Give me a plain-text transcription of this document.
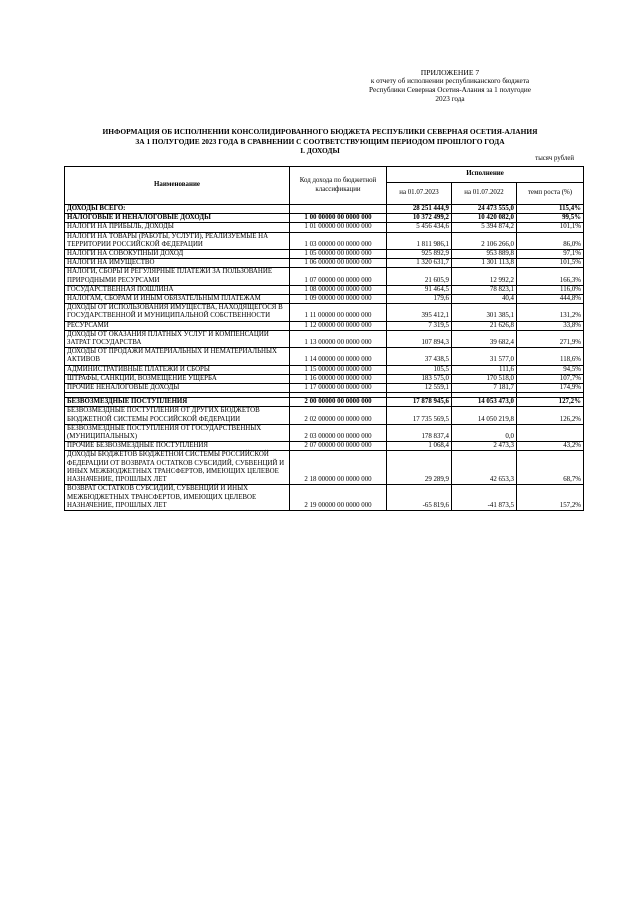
ПРИЛОЖЕНИЕ 7
к отчету об исполнении республиканского бюджета
Республики Северная Осетия-Алания за 1 полугодие
2023 года
ИНФОРМАЦИЯ ОБ ИСПОЛНЕНИИ КОНСОЛИДИРОВАННОГО БЮДЖЕТА РЕСПУБЛИКИ СЕВЕРНАЯ ОСЕТИЯ-АЛАНИЯ
ЗА 1 ПОЛУГОДИЕ 2023 ГОДА В СРАВНЕНИИ С СООТВЕТСТВУЮЩИМ ПЕРИОДОМ ПРОШЛОГО ГОДА
I. ДОХОДЫ
тысяч рублей
Наименование	Код дохода по бюджетной классификации	Исполнение		
		на 01.07.2023	на 01.07.2022	темп роста (%)
ДОХОДЫ ВСЕГО:		28 251 444,9	24 473 555,0	115,4%
НАЛОГОВЫЕ И НЕНАЛОГОВЫЕ ДОХОДЫ	1 00 00000 00 0000 000	10 372 499,2	10 420 082,0	99,5%
НАЛОГИ НА ПРИБЫЛЬ, ДОХОДЫ	1 01 00000 00 0000 000	5 456 434,6	5 394 874,2	101,1%
НАЛОГИ НА ТОВАРЫ (РАБОТЫ, УСЛУГИ), РЕАЛИЗУЕМЫЕ НА ТЕРРИТОРИИ РОССИЙСКОЙ ФЕДЕРАЦИИ	1 03 00000 00 0000 000	1 811 986,1	2 106 266,0	86,0%
НАЛОГИ НА СОВОКУПНЫЙ ДОХОД	1 05 00000 00 0000 000	925 892,9	953 889,8	97,1%
НАЛОГИ НА ИМУЩЕСТВО	1 06 00000 00 0000 000	1 320 631,7	1 301 113,8	101,5%
НАЛОГИ, СБОРЫ И РЕГУЛЯРНЫЕ ПЛАТЕЖИ ЗА ПОЛЬЗОВАНИЕ ПРИРОДНЫМИ РЕСУРСАМИ	1 07 00000 00 0000 000	21 605,9	12 992,2	166,3%
ГОСУДАРСТВЕННАЯ ПОШЛИНА	1 08 00000 00 0000 000	91 464,5	78 823,1	116,0%
НАЛОГАМ, СБОРАМ И ИНЫМ ОБЯЗАТЕЛЬНЫМ ПЛАТЕЖАМ	1 09 00000 00 0000 000	179,6	40,4	444,8%
ДОХОДЫ ОТ ИСПОЛЬЗОВАНИЯ ИМУЩЕСТВА, НАХОДЯЩЕГОСЯ В ГОСУДАРСТВЕННОЙ И МУНИЦИПАЛЬНОЙ СОБСТВЕННОСТИ	1 11 00000 00 0000 000	395 412,1	301 385,1	131,2%
РЕСУРСАМИ	1 12 00000 00 0000 000	7 319,5	21 626,8	33,8%
ДОХОДЫ ОТ ОКАЗАНИЯ ПЛАТНЫХ УСЛУГ И КОМПЕНСАЦИИ ЗАТРАТ ГОСУДАРСТВА	1 13 00000 00 0000 000	107 894,3	39 682,4	271,9%
ДОХОДЫ ОТ ПРОДАЖИ МАТЕРИАЛЬНЫХ И НЕМАТЕРИАЛЬНЫХ АКТИВОВ	1 14 00000 00 0000 000	37 438,5	31 577,0	118,6%
АДМИНИСТРАТИВНЫЕ ПЛАТЕЖИ И СБОРЫ	1 15 00000 00 0000 000	105,5	111,6	94,5%
ШТРАФЫ, САНКЦИИ, ВОЗМЕЩЕНИЕ УЩЕРБА	1 16 00000 00 0000 000	183 575,0	170 518,0	107,7%
ПРОЧИЕ НЕНАЛОГОВЫЕ ДОХОДЫ	1 17 00000 00 0000 000	12 559,1	7 181,7	174,9%

БЕЗВОЗМЕЗДНЫЕ ПОСТУПЛЕНИЯ	2 00 00000 00 0000 000	17 878 945,6	14 053 473,0	127,2%
БЕЗВОЗМЕЗДНЫЕ ПОСТУПЛЕНИЯ ОТ ДРУГИХ БЮДЖЕТОВ БЮДЖЕТНОЙ СИСТЕМЫ РОССИЙСКОЙ ФЕДЕРАЦИИ	2 02 00000 00 0000 000	17 735 569,5	14 050 219,8	126,2%
БЕЗВОЗМЕЗДНЫЕ ПОСТУПЛЕНИЯ ОТ ГОСУДАРСТВЕННЫХ (МУНИЦИПАЛЬНЫХ)	2 03 00000 00 0000 000	178 837,4	0,0	
ПРОЧИЕ БЕЗВОЗМЕЗДНЫЕ ПОСТУПЛЕНИЯ	2 07 00000 00 0000 000	1 068,4	2 473,3	43,2%
ДОХОДЫ БЮДЖЕТОВ БЮДЖЕТНОЙ СИСТЕМЫ РОССИЙСКОЙ ФЕДЕРАЦИИ ОТ ВОЗВРАТА ОСТАТКОВ СУБСИДИЙ, СУБВЕНЦИЙ И ИНЫХ МЕЖБЮДЖЕТНЫХ ТРАНСФЕРТОВ, ИМЕЮЩИХ ЦЕЛЕВОЕ НАЗНАЧЕНИЕ, ПРОШЛЫХ ЛЕТ	2 18 00000 00 0000 000	29 289,9	42 653,3	68,7%
ВОЗВРАТ ОСТАТКОВ СУБСИДИЙ, СУБВЕНЦИЙ И ИНЫХ МЕЖБЮДЖЕТНЫХ ТРАНСФЕРТОВ, ИМЕЮЩИХ ЦЕЛЕВОЕ НАЗНАЧЕНИЕ, ПРОШЛЫХ ЛЕТ	2 19 00000 00 0000 000	-65 819,6	-41 873,5	157,2%
